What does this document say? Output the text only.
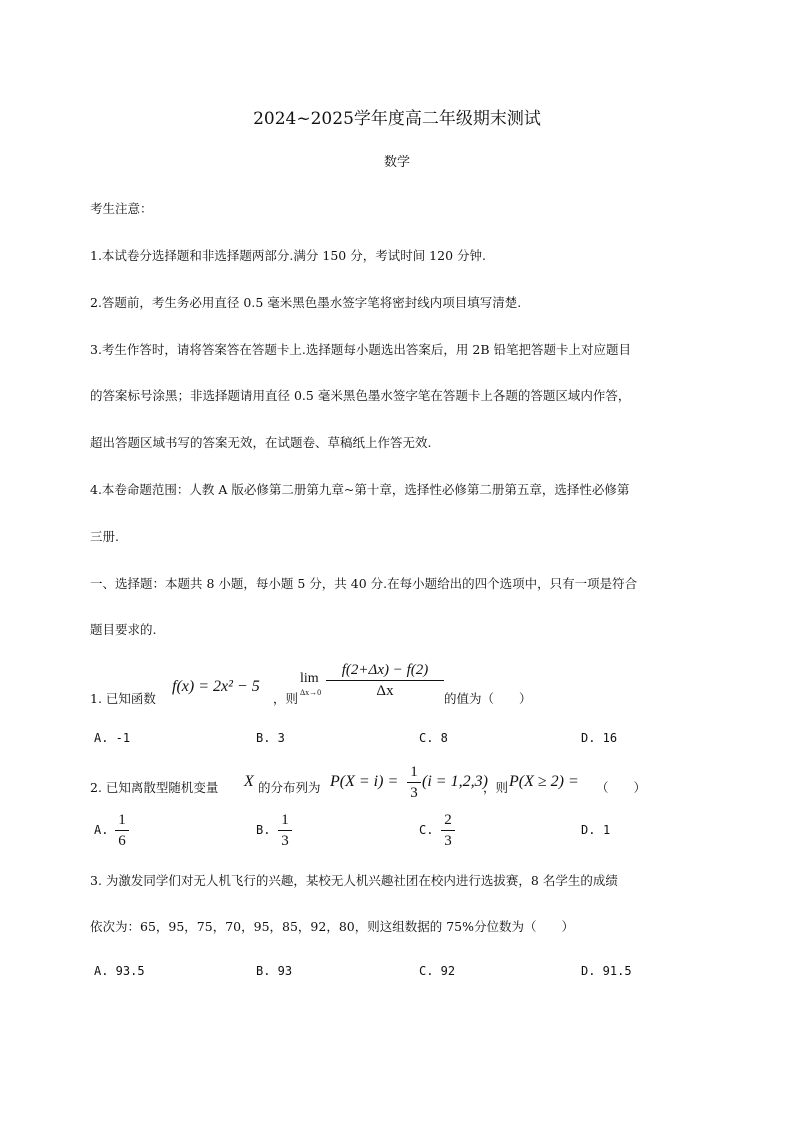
2024~2025学年度高二年级期末测试
数学
考生注意：
1.本试卷分选择题和非选择题两部分.满分 150 分，考试时间 120 分钟.
2.答题前，考生务必用直径 0.5 毫米黑色墨水签字笔将密封线内项目填写清楚.
3.考生作答时，请将答案答在答题卡上.选择题每小题选出答案后，用 2B 铅笔把答题卡上对应题目
的答案标号涂黑；非选择题请用直径 0.5 毫米黑色墨水签字笔在答题卡上各题的答题区域内作答，
超出答题区域书写的答案无效，在试题卷、草稿纸上作答无效.
4.本卷命题范围：人教 A 版必修第二册第九章~第十章，选择性必修第二册第五章，选择性必修第
三册.
一、选择题：本题共 8 小题，每小题 5 分，共 40 分.在每小题给出的四个选项中，只有一项是符合
题目要求的.
1. 已知函数
f(x) = 2x² − 5
，则
lim
Δx→0
f(2+Δx) − f(2)
Δx	的值为（　　）
A. -1	B. 3	C. 8	D. 16
2. 已知离散型随机变量 X 的分布列为 P(X = i) =
1
3
(i = 1,2,3)
，则 P(X ≥ 2) = （　　）
A.
1
6
B.
1
3
C.
2
3
D. 1
3. 为激发同学们对无人机飞行的兴趣，某校无人机兴趣社团在校内进行选拔赛，8 名学生的成绩
依次为：65，95，75，70，95，85，92，80，则这组数据的 75%分位数为（　　）
A. 93.5	B. 93	C. 92	D. 91.5
